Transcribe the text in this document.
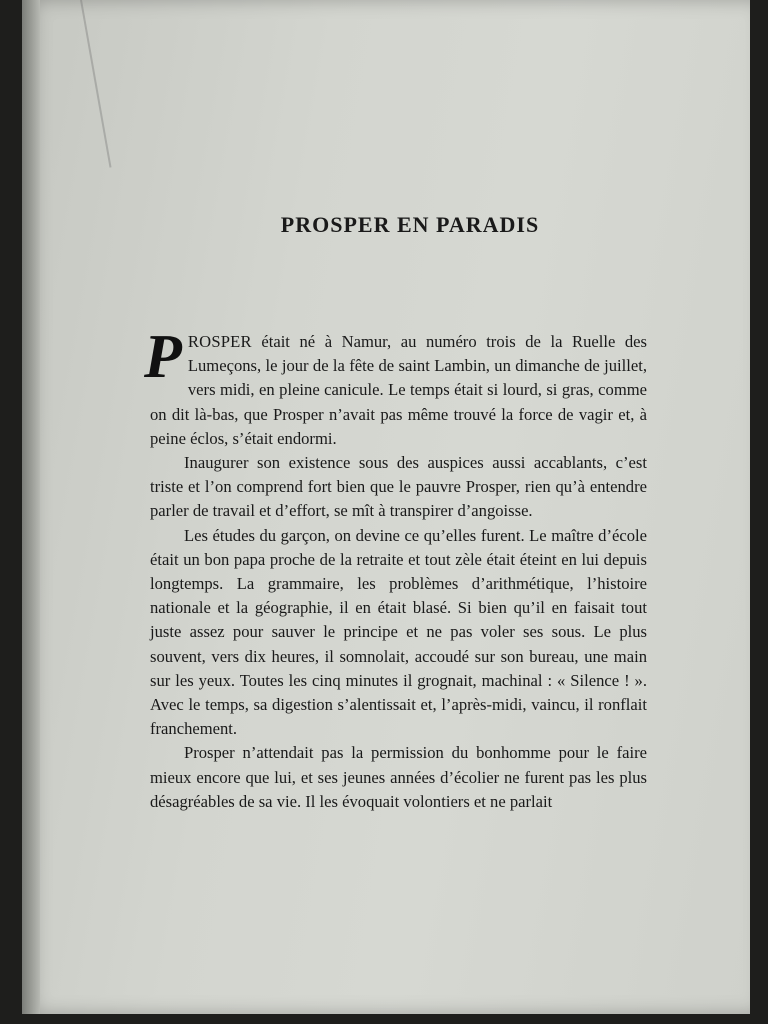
PROSPER EN PARADIS

PROSPER était né à Namur, au numéro trois de la Ruelle des Lumeçons, le jour de la fête de saint Lambin, un dimanche de juillet, vers midi, en pleine canicule. Le temps était si lourd, si gras, comme on dit là-bas, que Prosper n’avait pas même trouvé la force de vagir et, à peine éclos, s’était endormi.

Inaugurer son existence sous des auspices aussi accablants, c’est triste et l’on comprend fort bien que le pauvre Prosper, rien qu’à entendre parler de travail et d’effort, se mît à transpirer d’angoisse.

Les études du garçon, on devine ce qu’elles furent. Le maître d’école était un bon papa proche de la retraite et tout zèle était éteint en lui depuis longtemps. La grammaire, les problèmes d’arithmétique, l’histoire nationale et la géographie, il en était blasé. Si bien qu’il en faisait tout juste assez pour sauver le principe et ne pas voler ses sous. Le plus souvent, vers dix heures, il somnolait, accoudé sur son bureau, une main sur les yeux. Toutes les cinq minutes il grognait, machinal : « Silence ! ». Avec le temps, sa digestion s’alentissait et, l’après-midi, vaincu, il ronflait franchement.

Prosper n’attendait pas la permission du bonhomme pour le faire mieux encore que lui, et ses jeunes années d’écolier ne furent pas les plus désagréables de sa vie. Il les évoquait volontiers et ne parlait
